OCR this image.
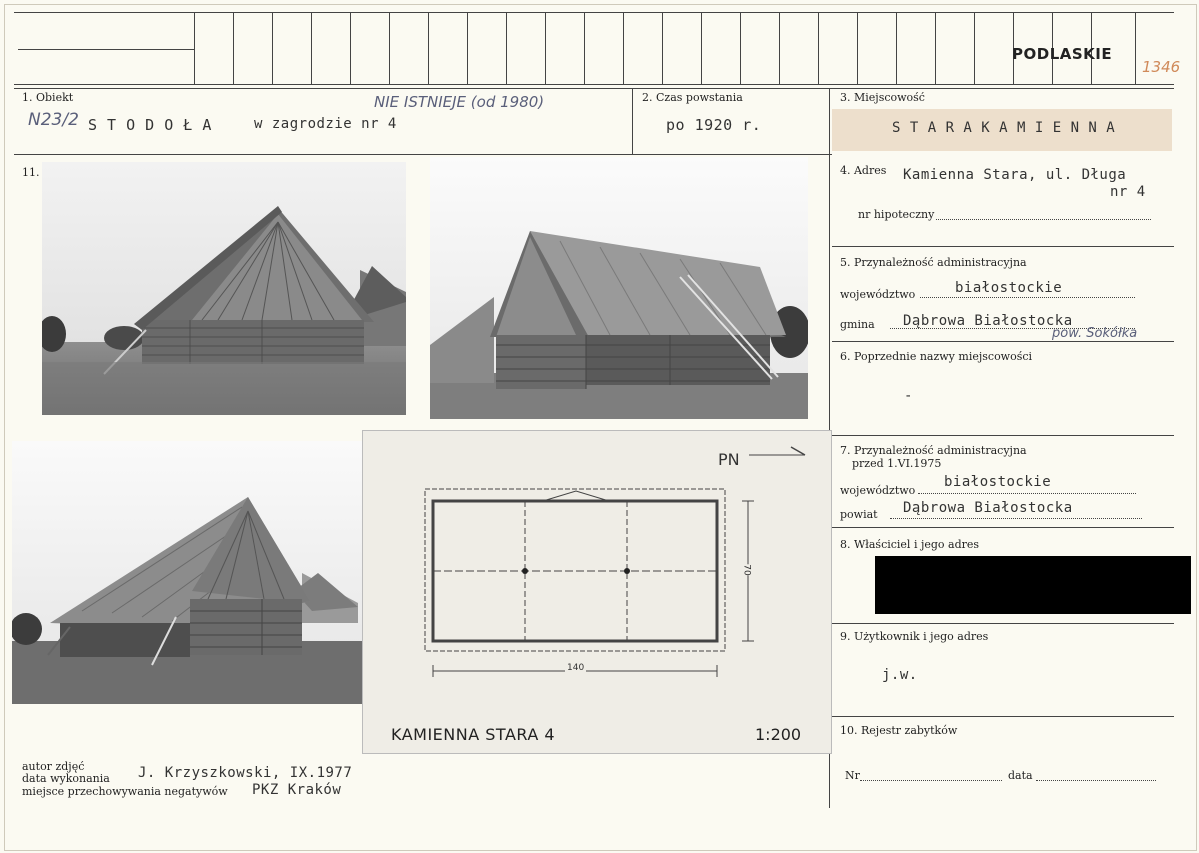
PODLASKIE
1346
1. Obiekt
N23/2 S T O D O Ł A	w zagrodzie nr 4
NIE ISTNIEJE (od 1980)	2. Czas powstania
po 1920 r.
3. Miejscowość
S T A R A K A M I E N N A
4. Adres Kamienna Stara, ul. Długa
nr 4
nr hipoteczny
5. Przynależność administracyjna
województwo	białostockie
gmina Dąbrowa Białostocka
pow. Sokółka
6. Poprzednie nazwy miejscowości
-
7. Przynależność administracyjna
przed 1.VI.1975
województwo
białostockie
powiat Dąbrowa Białostocka
8. Właściciel i jego adres
9. Użytkownik i jego adres
j.w.
10. Rejestr zabytków
Nr	data
11.
PN
140
70
KAMIENNA STARA 4	1:200
autor zdjęć
data wykonania J. Krzyszkowski, IX.1977
miejsce przechowywania negatywów PKZ Kraków
